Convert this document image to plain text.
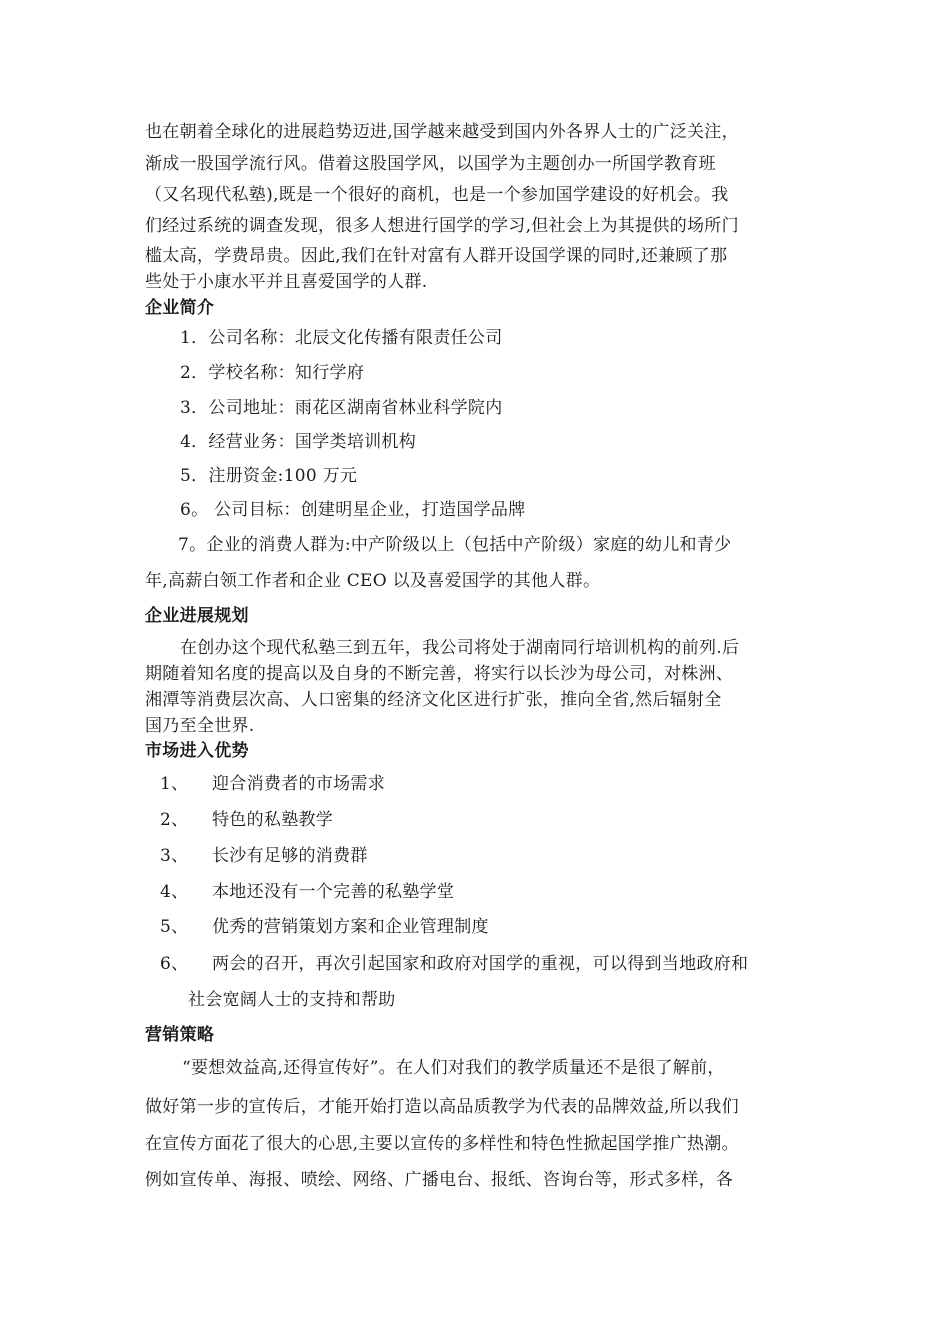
也在朝着全球化的进展趋势迈进,国学越来越受到国内外各界人士的广泛关注，
渐成一股国学流行风。借着这股国学风，以国学为主题创办一所国学教育班
（又名现代私塾),既是一个很好的商机，也是一个参加国学建设的好机会。我
们经过系统的调查发现，很多人想进行国学的学习,但社会上为其提供的场所门
槛太高，学费昂贵。因此,我们在针对富有人群开设国学课的同时,还兼顾了那
些处于小康水平并且喜爱国学的人群.
企业简介
1．公司名称：北辰文化传播有限责任公司
2．学校名称：知行学府
3．公司地址：雨花区湖南省林业科学院内
4．经营业务：国学类培训机构
5．注册资金:100 万元
6。 公司目标：创建明星企业，打造国学品牌
7。企业的消费人群为:中产阶级以上（包括中产阶级）家庭的幼儿和青少
年,高薪白领工作者和企业 CEO 以及喜爱国学的其他人群。
企业进展规划
在创办这个现代私塾三到五年，我公司将处于湖南同行培训机构的前列.后
期随着知名度的提高以及自身的不断完善，将实行以长沙为母公司，对株洲、
湘潭等消费层次高、人口密集的经济文化区进行扩张，推向全省,然后辐射全
国乃至全世界.
市场进入优势
1、 迎合消费者的市场需求
2、 特色的私塾教学
3、 长沙有足够的消费群
4、 本地还没有一个完善的私塾学堂
5、 优秀的营销策划方案和企业管理制度
6、 两会的召开，再次引起国家和政府对国学的重视，可以得到当地政府和
社会宽阔人士的支持和帮助
营销策略
“要想效益高,还得宣传好”。在人们对我们的教学质量还不是很了解前，
做好第一步的宣传后，才能开始打造以高品质教学为代表的品牌效益,所以我们
在宣传方面花了很大的心思,主要以宣传的多样性和特色性掀起国学推广热潮。
例如宣传单、海报、喷绘、网络、广播电台、报纸、咨询台等，形式多样，各
